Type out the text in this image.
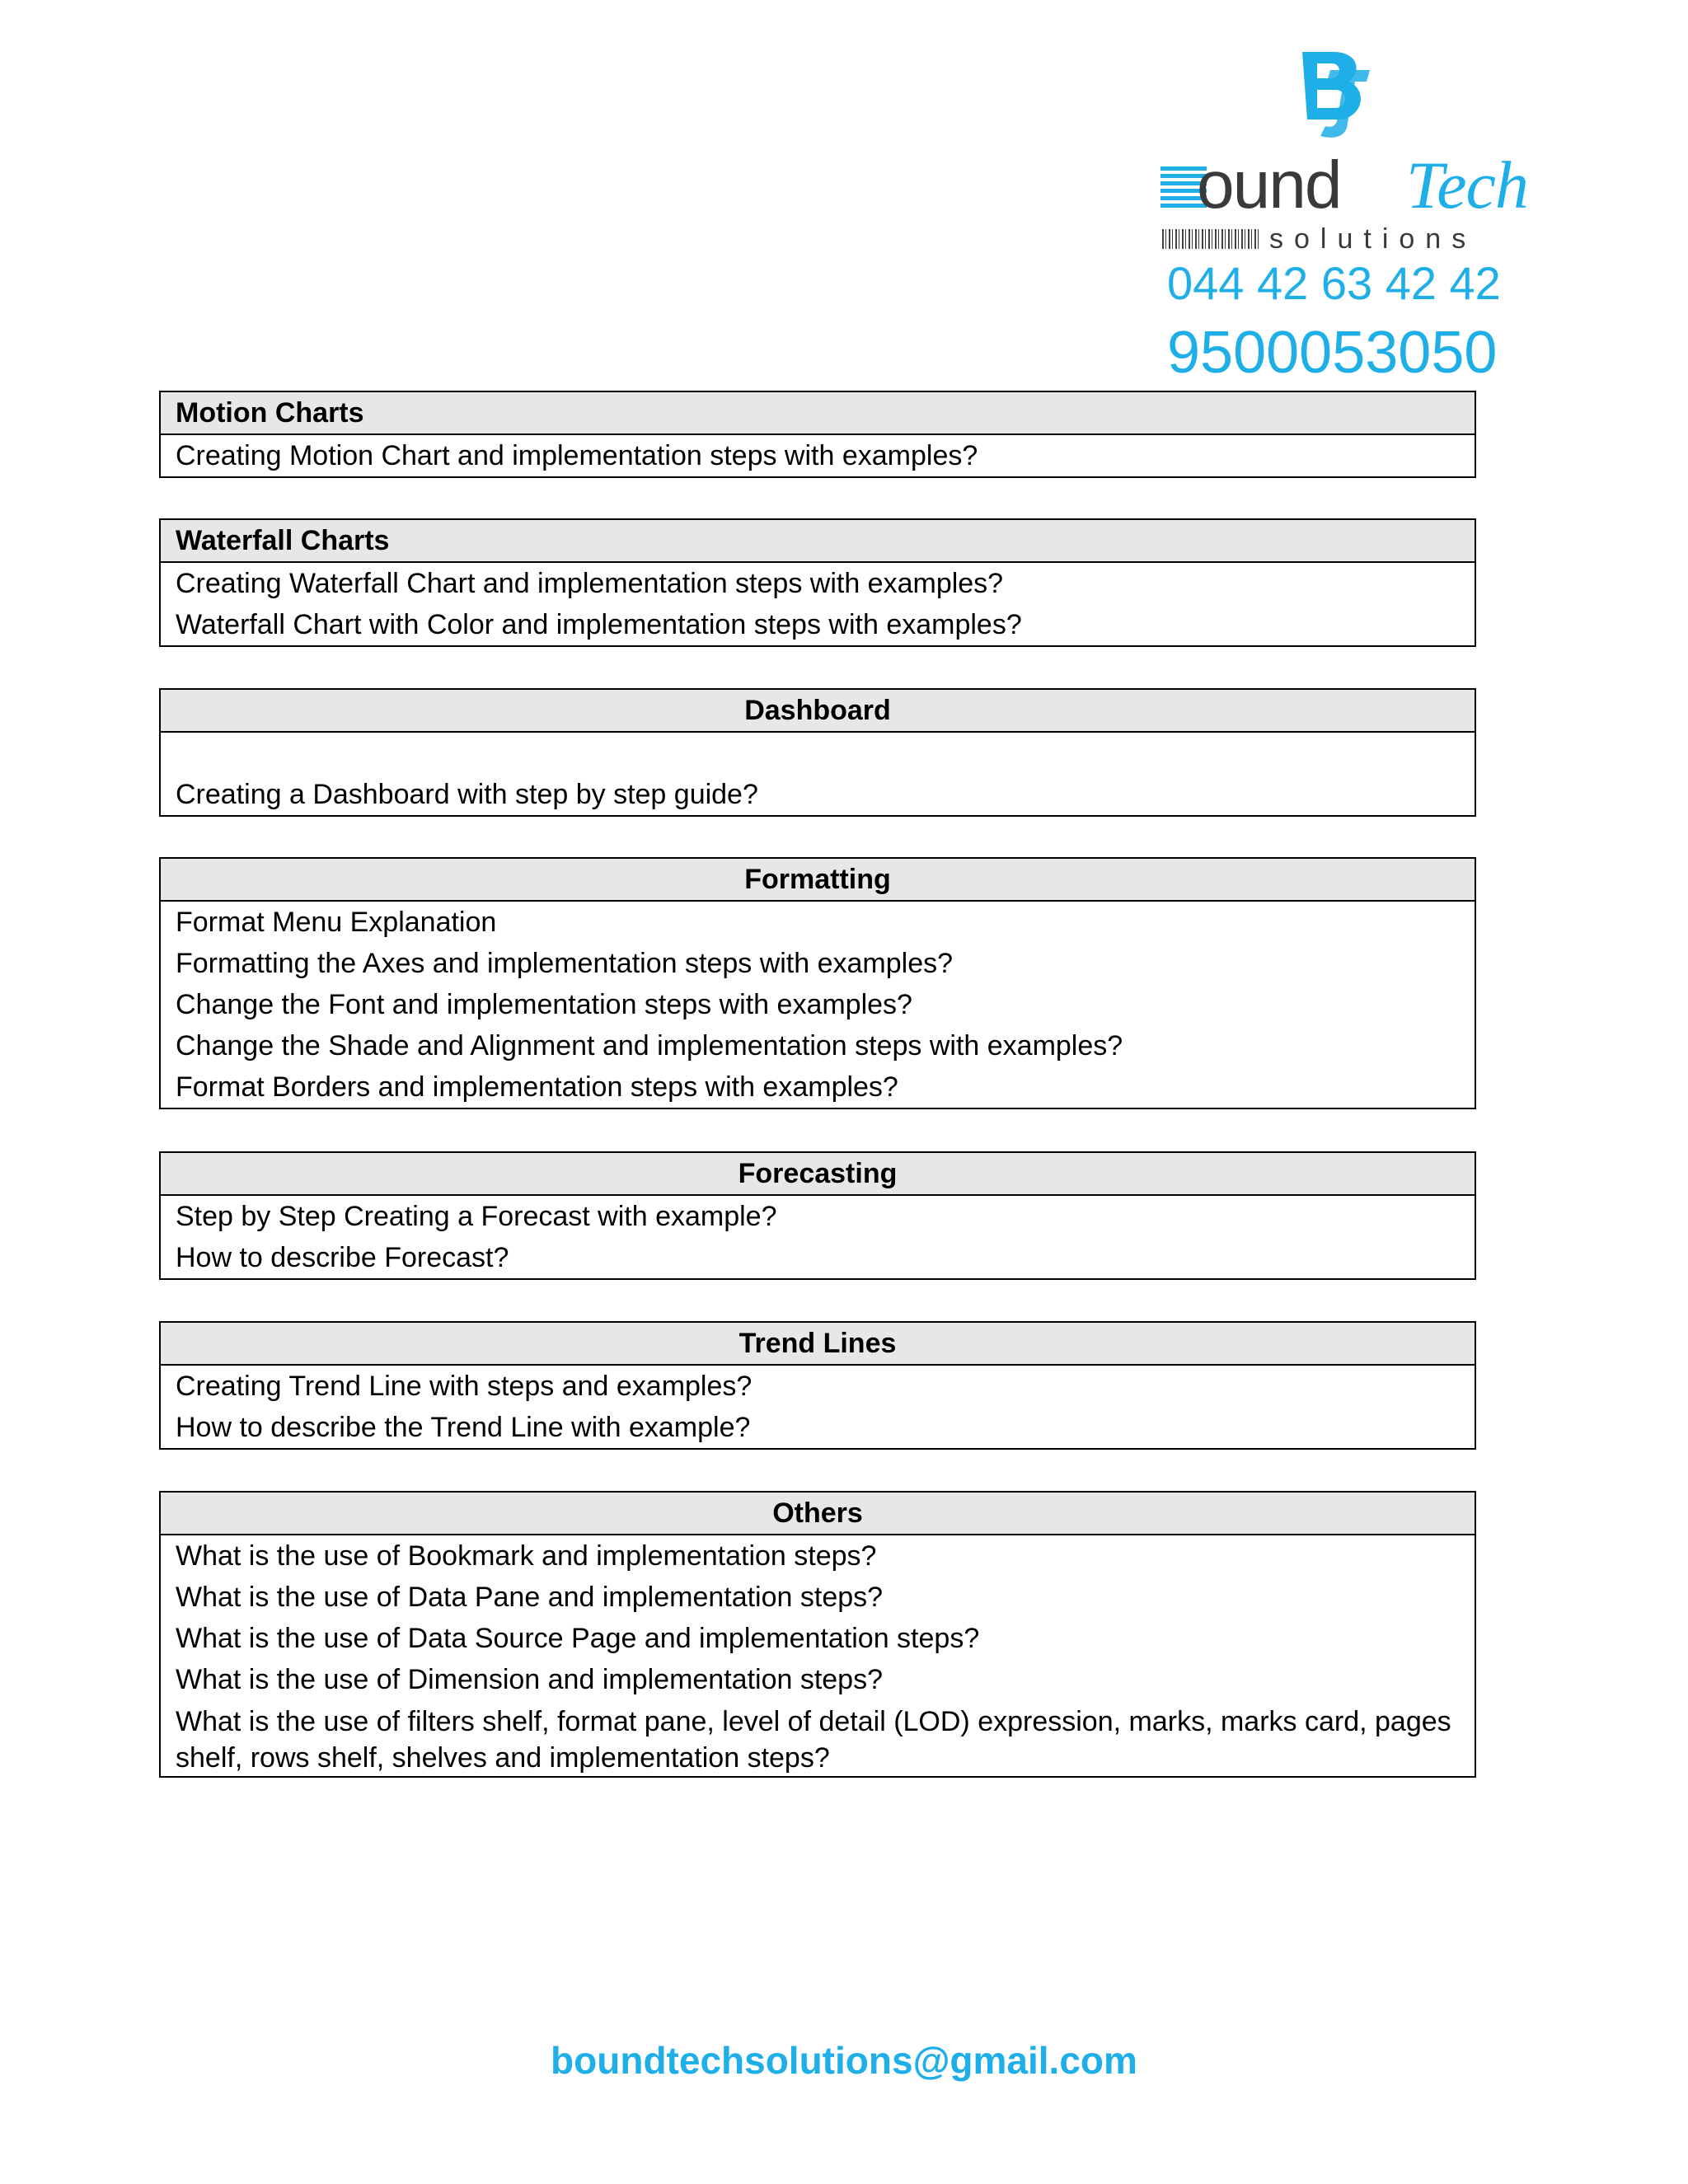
ound Tech
solutions
044 42 63 42 42
9500053050
Motion Charts
Creating Motion Chart and implementation steps with examples?
Waterfall Charts
Creating Waterfall Chart and implementation steps with examples?
Waterfall Chart with Color and implementation steps with examples?
Dashboard
Creating a Dashboard with step by step guide?
Formatting
Format Menu Explanation
Formatting the Axes and implementation steps with examples?
Change the Font and implementation steps with examples?
Change the Shade and Alignment and implementation steps with examples?
Format Borders and implementation steps with examples?
Forecasting
Step by Step Creating a Forecast with example?
How to describe Forecast?
Trend Lines
Creating Trend Line with steps and examples?
How to describe the Trend Line with example?
Others
What is the use of Bookmark and implementation steps?
What is the use of Data Pane and implementation steps?
What is the use of Data Source Page and implementation steps?
What is the use of Dimension and implementation steps?
What is the use of filters shelf, format pane, level of detail (LOD) expression, marks, marks card, pages shelf, rows shelf, shelves and implementation steps?
boundtechsolutions@gmail.com
